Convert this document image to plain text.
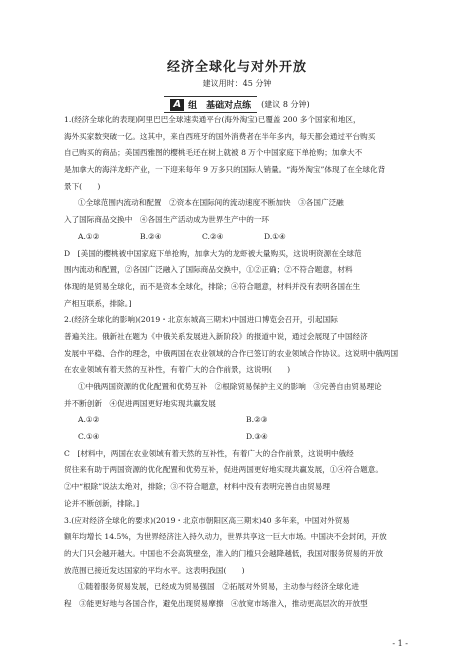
经济全球化与对外开放
建议用时：45 分钟
A 组　基础对点练 (建议 8 分钟)
1.(经济全球化的表现)阿里巴巴全球速卖通平台(海外淘宝)已覆盖 200 多个国家和地区，
海外买家数突破一亿。这其中，来自西班牙的国外消费者在半年多内，每天都会通过平台购买
自己购买的商品；美国西雅图的樱桃毛还在树上就被 8 万个中国家庭下单抢购；加拿大不
是加拿大的海洋龙虾产业，一下迎来每年 9 万多只的国际人销量。“海外淘宝”体现了在全球化背
景下(　　)
①全球范围内流动和配置　②资本在国际间的流动速度不断加快　③各国广泛融
入了国际商品交换中　④各国生产活动成为世界生产中的一环
A.①②	B.②④	C.②④	D.①④
D　[美国的樱桃被中国家庭下单抢购，加拿大为的龙虾被大量购买，这说明资源在全球范
围内流动和配置，②各国广泛融入了国际商品交换中，①②正确；②不符合题意，材料
体现的是贸易全球化，而不是资本全球化，排除；④符合题意，材料并没有表明各国在生
产相互联系，排除。]
2.(经济全球化的影响)(2019・北京东城高三期末)中国进口博览会召开，引起国际
普遍关注。俄新社在题为《中俄关系发展进入新阶段》的报道中说，通过会展现了中国经济
发展中平稳、合作的理念，中俄两国在农业领域的合作已签订的农业领域合作协议。这说明中俄两国
在农业领域有着天然的互补性，有着广大的合作前景，这说明(　　)
①中俄两国资源的优化配置和优势互补　②根除贸易保护主义的影响　③完善自由贸易理论
并不断创新　④促进两国更好地实现共赢发展
A.①②	B.②③
C.①④	D.③④
C　[材料中，两国在农业领域有着天然的互补性，有着广大的合作前景，这说明中俄经
贸往来有助于两国资源的优化配置和优势互补，促进两国更好地实现共赢发展，①④符合题意。
②中“根除”说法太绝对，排除；③不符合题意，材料中没有表明完善自由贸易理
论并不断创新，排除。]
3.(应对经济全球化的要求)(2019・北京市朝阳区高三期末)40 多年来，中国对外贸易
额年均增长 14.5%，为世界经济注入持久动力，世界共享这一巨大市场。中国决不会封闭，开放
的大门只会越开越大。中国也不会高筑壁垒，准入的门槛只会越降越低，我国对服务贸易的开放
放范围已接近发达国家的平均水平。这表明我国(　　)
①随着服务贸易发展，已经成为贸易强国　②拓展对外贸易，主动参与经济全球化进
程　③能更好地与各国合作，避免出现贸易摩擦　④放宽市场准入，推动更高层次的开放型
- 1 -
